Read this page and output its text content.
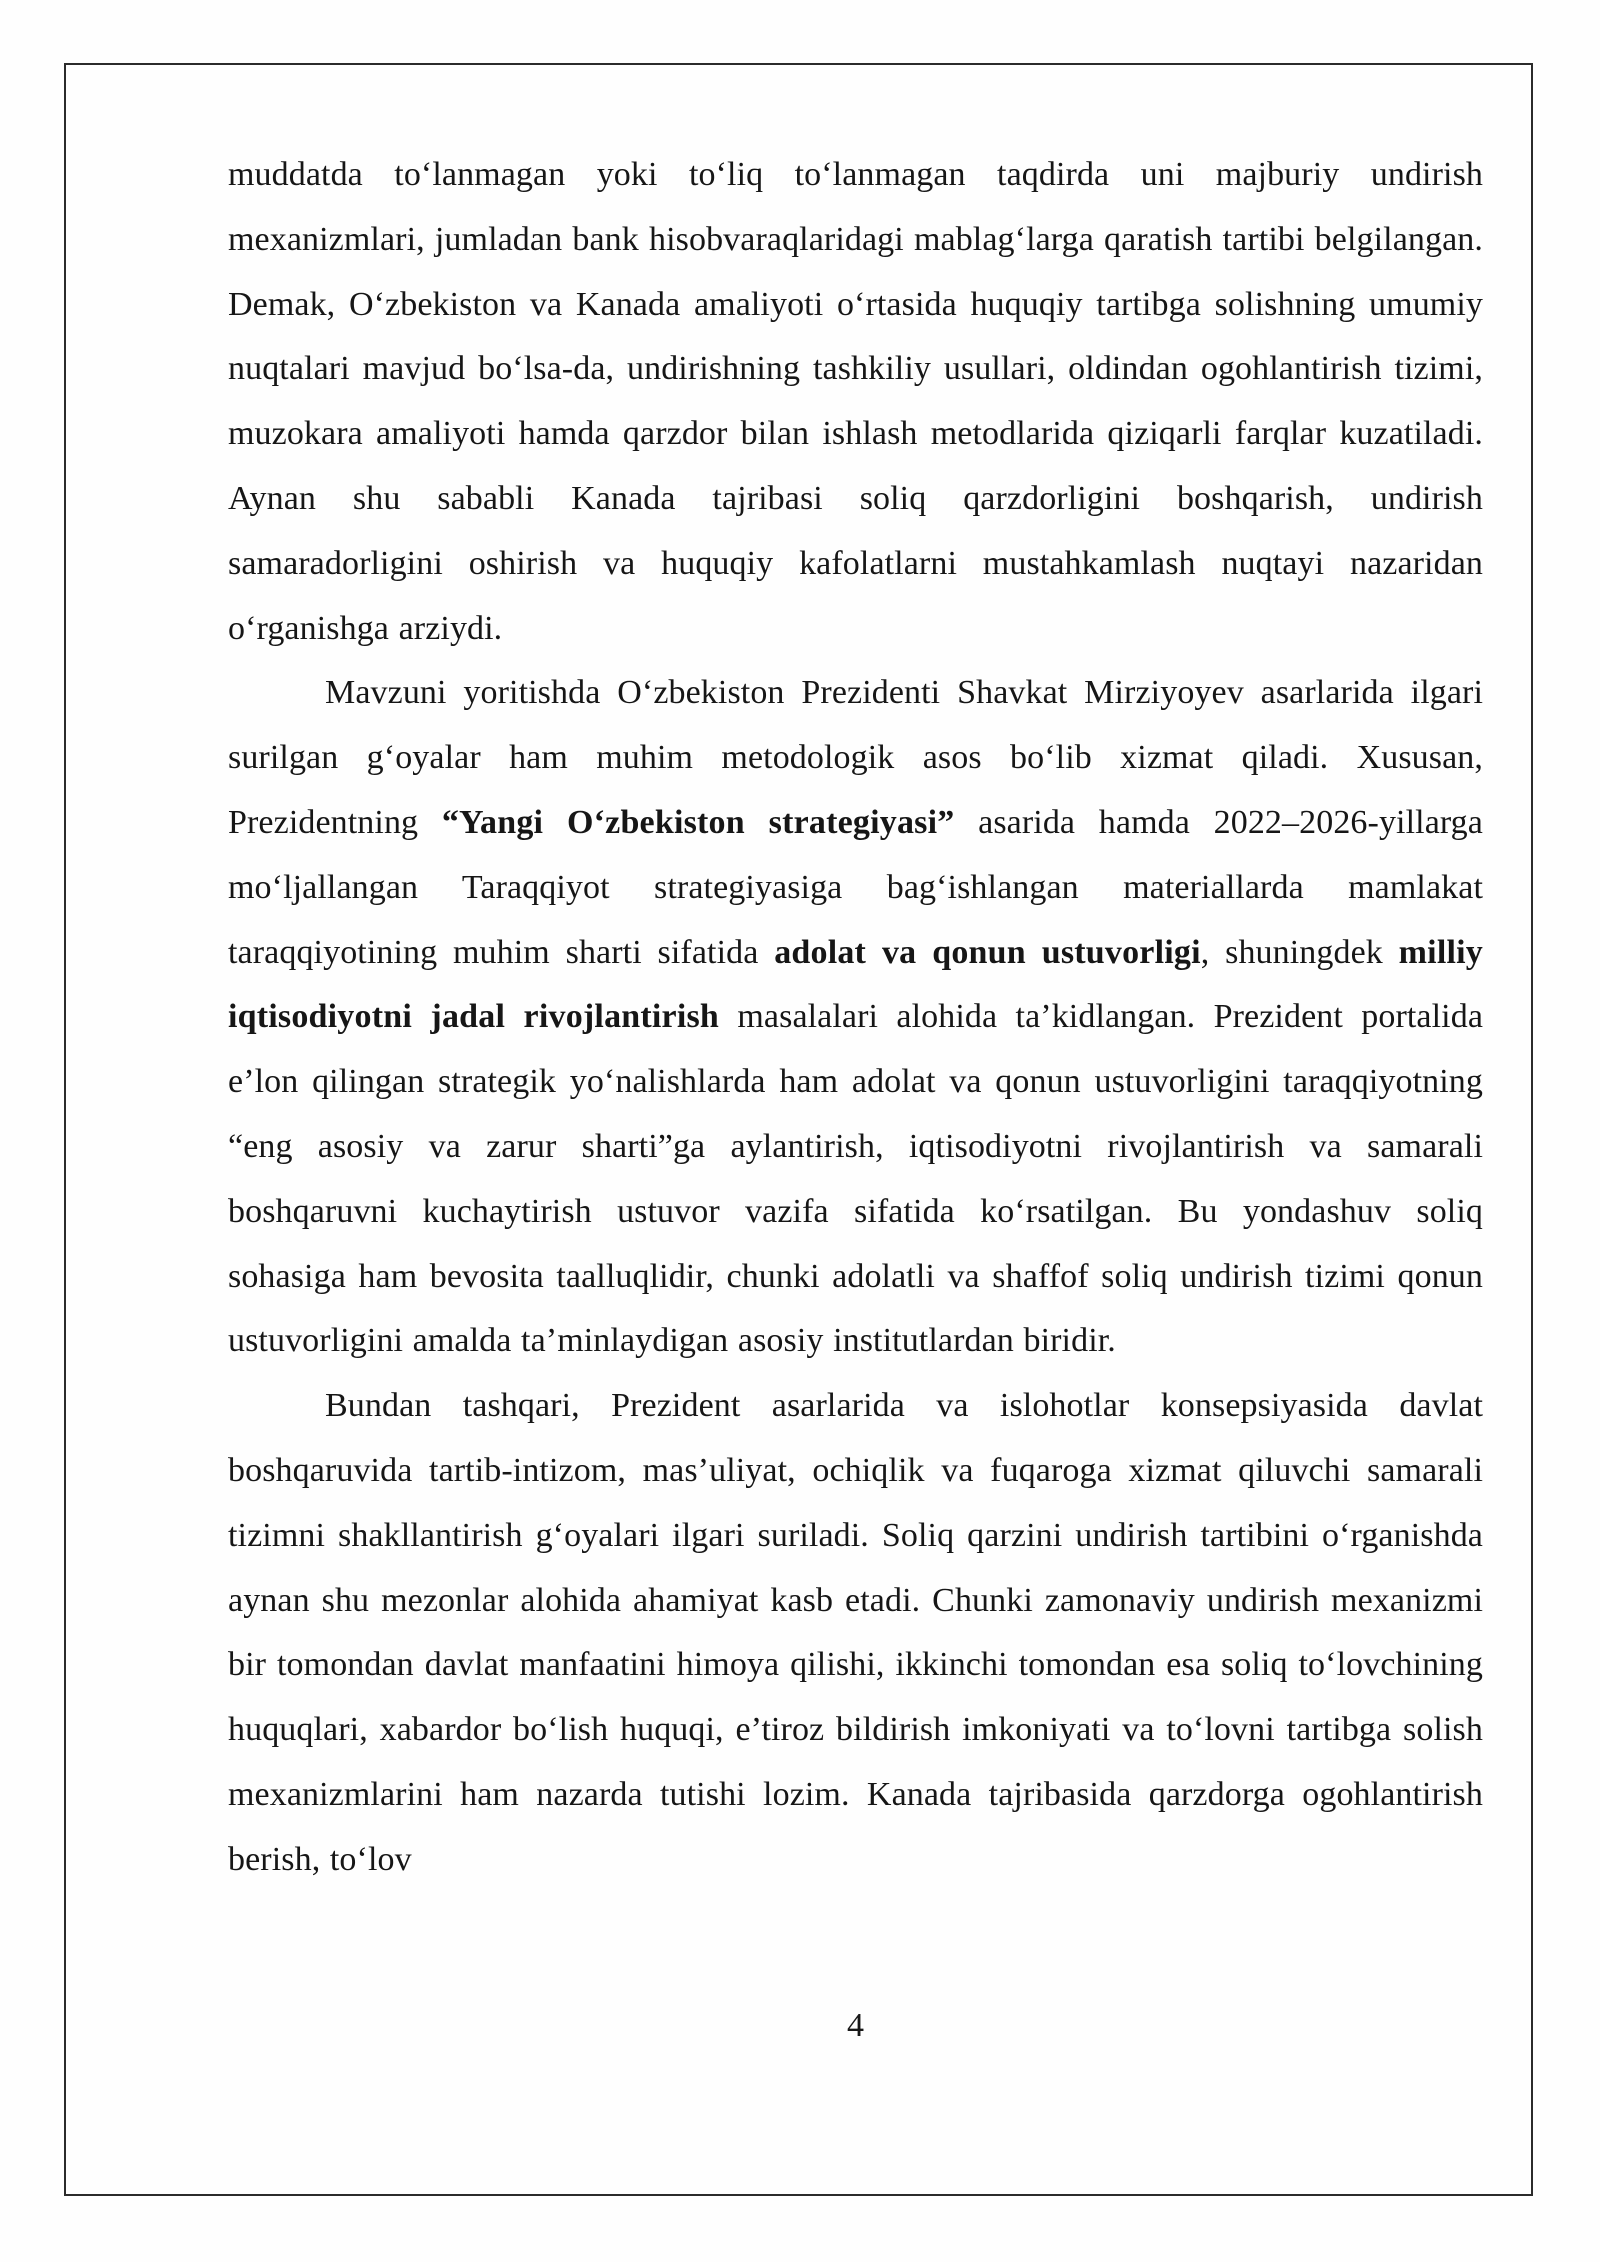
muddatda to‘lanmagan yoki to‘liq to‘lanmagan taqdirda uni majburiy undirish mexanizmlari, jumladan bank hisobvaraqlaridagi mablag‘larga qaratish tartibi belgilangan. Demak, O‘zbekiston va Kanada amaliyoti o‘rtasida huquqiy tartibga solishning umumiy nuqtalari mavjud bo‘lsa-da, undirishning tashkiliy usullari, oldindan ogohlantirish tizimi, muzokara amaliyoti hamda qarzdor bilan ishlash metodlarida qiziqarli farqlar kuzatiladi. Aynan shu sababli Kanada tajribasi soliq qarzdorligini boshqarish, undirish samaradorligini oshirish va huquqiy kafolatlarni mustahkamlash nuqtayi nazaridan o‘rganishga arziydi.

Mavzuni yoritishda O‘zbekiston Prezidenti Shavkat Mirziyoyev asarlarida ilgari surilgan g‘oyalar ham muhim metodologik asos bo‘lib xizmat qiladi. Xususan, Prezidentning “Yangi O‘zbekiston strategiyasi” asarida hamda 2022–2026-yillarga mo‘ljallangan Taraqqiyot strategiyasiga bag‘ishlangan materiallarda mamlakat taraqqiyotining muhim sharti sifatida adolat va qonun ustuvorligi, shuningdek milliy iqtisodiyotni jadal rivojlantirish masalalari alohida ta’kidlangan. Prezident portalida e’lon qilingan strategik yo‘nalishlarda ham adolat va qonun ustuvorligini taraqqiyotning “eng asosiy va zarur sharti”ga aylantirish, iqtisodiyotni rivojlantirish va samarali boshqaruvni kuchaytirish ustuvor vazifa sifatida ko‘rsatilgan. Bu yondashuv soliq sohasiga ham bevosita taalluqlidir, chunki adolatli va shaffof soliq undirish tizimi qonun ustuvorligini amalda ta’minlaydigan asosiy institutlardan biridir.

Bundan tashqari, Prezident asarlarida va islohotlar konsepsiyasida davlat boshqaruvida tartib-intizom, mas’uliyat, ochiqlik va fuqaroga xizmat qiluvchi samarali tizimni shakllantirish g‘oyalari ilgari suriladi. Soliq qarzini undirish tartibini o‘rganishda aynan shu mezonlar alohida ahamiyat kasb etadi. Chunki zamonaviy undirish mexanizmi bir tomondan davlat manfaatini himoya qilishi, ikkinchi tomondan esa soliq to‘lovchining huquqlari, xabardor bo‘lish huquqi, e’tiroz bildirish imkoniyati va to‘lovni tartibga solish mexanizmlarini ham nazarda tutishi lozim. Kanada tajribasida qarzdorga ogohlantirish berish, to‘lov

4
